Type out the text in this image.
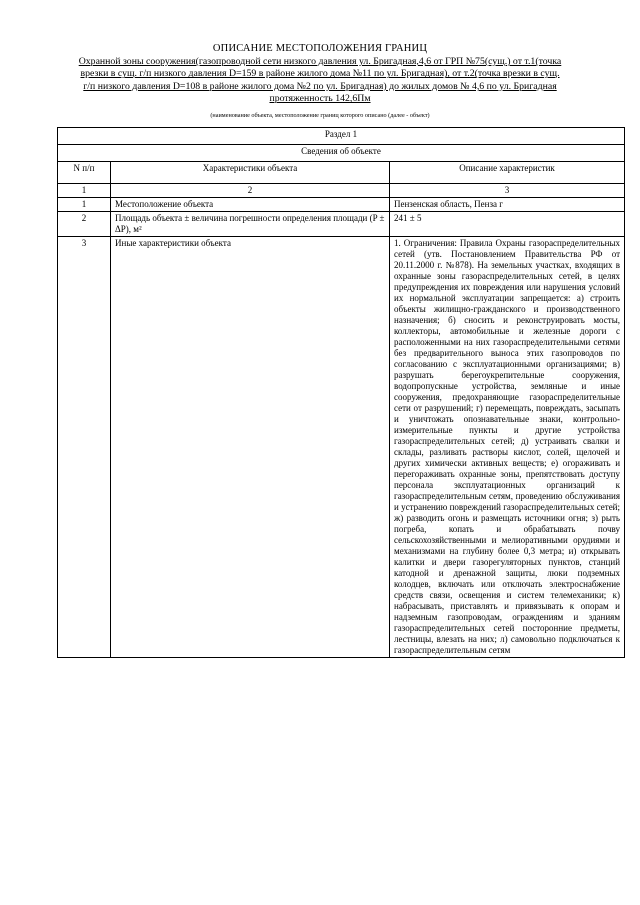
ОПИСАНИЕ МЕСТОПОЛОЖЕНИЯ ГРАНИЦ
Охранной зоны сооружения(газопроводной сети низкого давления ул. Бригадная,4,6 от ГРП №75(сущ.) от т.1(точка врезки в сущ. г/п низкого давления D=159 в районе жилого дома №11 по ул. Бригадная), от т.2(точка врезки в сущ. г/п низкого давления D=108 в районе жилого дома №2 по ул. Бригадная) до жилых домов № 4,6 по ул. Бригадная протяженность 142,6Пм
(наименование объекта, местоположение границ которого описано (далее - объект)
Раздел 1		
Сведения об объекте		
N п/п	Характеристики объекта	Описание характеристик
1	2	3
1	Местоположение объекта	Пензенская область, Пенза г
2	Площадь объекта ± величина погрешности определения площади (P ± ΔP), м²	241 ± 5
3	Иные характеристики объекта	1. Ограничения: Правила Охраны газораспределительных сетей (утв. Постановлением Правительства РФ от 20.11.2000 г. №878). На земельных участках, входящих в охранные зоны газораспределительных сетей, в целях предупреждения их повреждения или нарушения условий их нормальной эксплуатации запрещается: а) строить объекты жилищно-гражданского и производственного назначения; б) сносить и реконструировать мосты, коллекторы, автомобильные и железные дороги с расположенными на них газораспределительными сетями без предварительного выноса этих газопроводов по согласованию с эксплуатационными организациями; в) разрушать берегоукрепительные сооружения, водопропускные устройства, земляные и иные сооружения, предохраняющие газораспределительные сети от разрушений; г) перемещать, повреждать, засыпать и уничтожать опознавательные знаки, контрольно-измерительные пункты и другие устройства газораспределительных сетей; д) устраивать свалки и склады, разливать растворы кислот, солей, щелочей и других химически активных веществ; е) огораживать и перегораживать охранные зоны, препятствовать доступу персонала эксплуатационных организаций к газораспределительным сетям, проведению обслуживания и устранению повреждений газораспределительных сетей; ж) разводить огонь и размещать источники огня; з) рыть погреба, копать и обрабатывать почву сельскохозяйственными и мелиоративными орудиями и механизмами на глубину более 0,3 метра; и) открывать калитки и двери газорегуляторных пунктов, станций катодной и дренажной защиты, люки подземных колодцев, включать или отключать электроснабжение средств связи, освещения и систем телемеханики; к) набрасывать, приставлять и привязывать к опорам и надземным газопроводам, ограждениям и зданиям газораспределительных сетей посторонние предметы, лестницы, влезать на них; л) самовольно подключаться к газораспределительным сетям
